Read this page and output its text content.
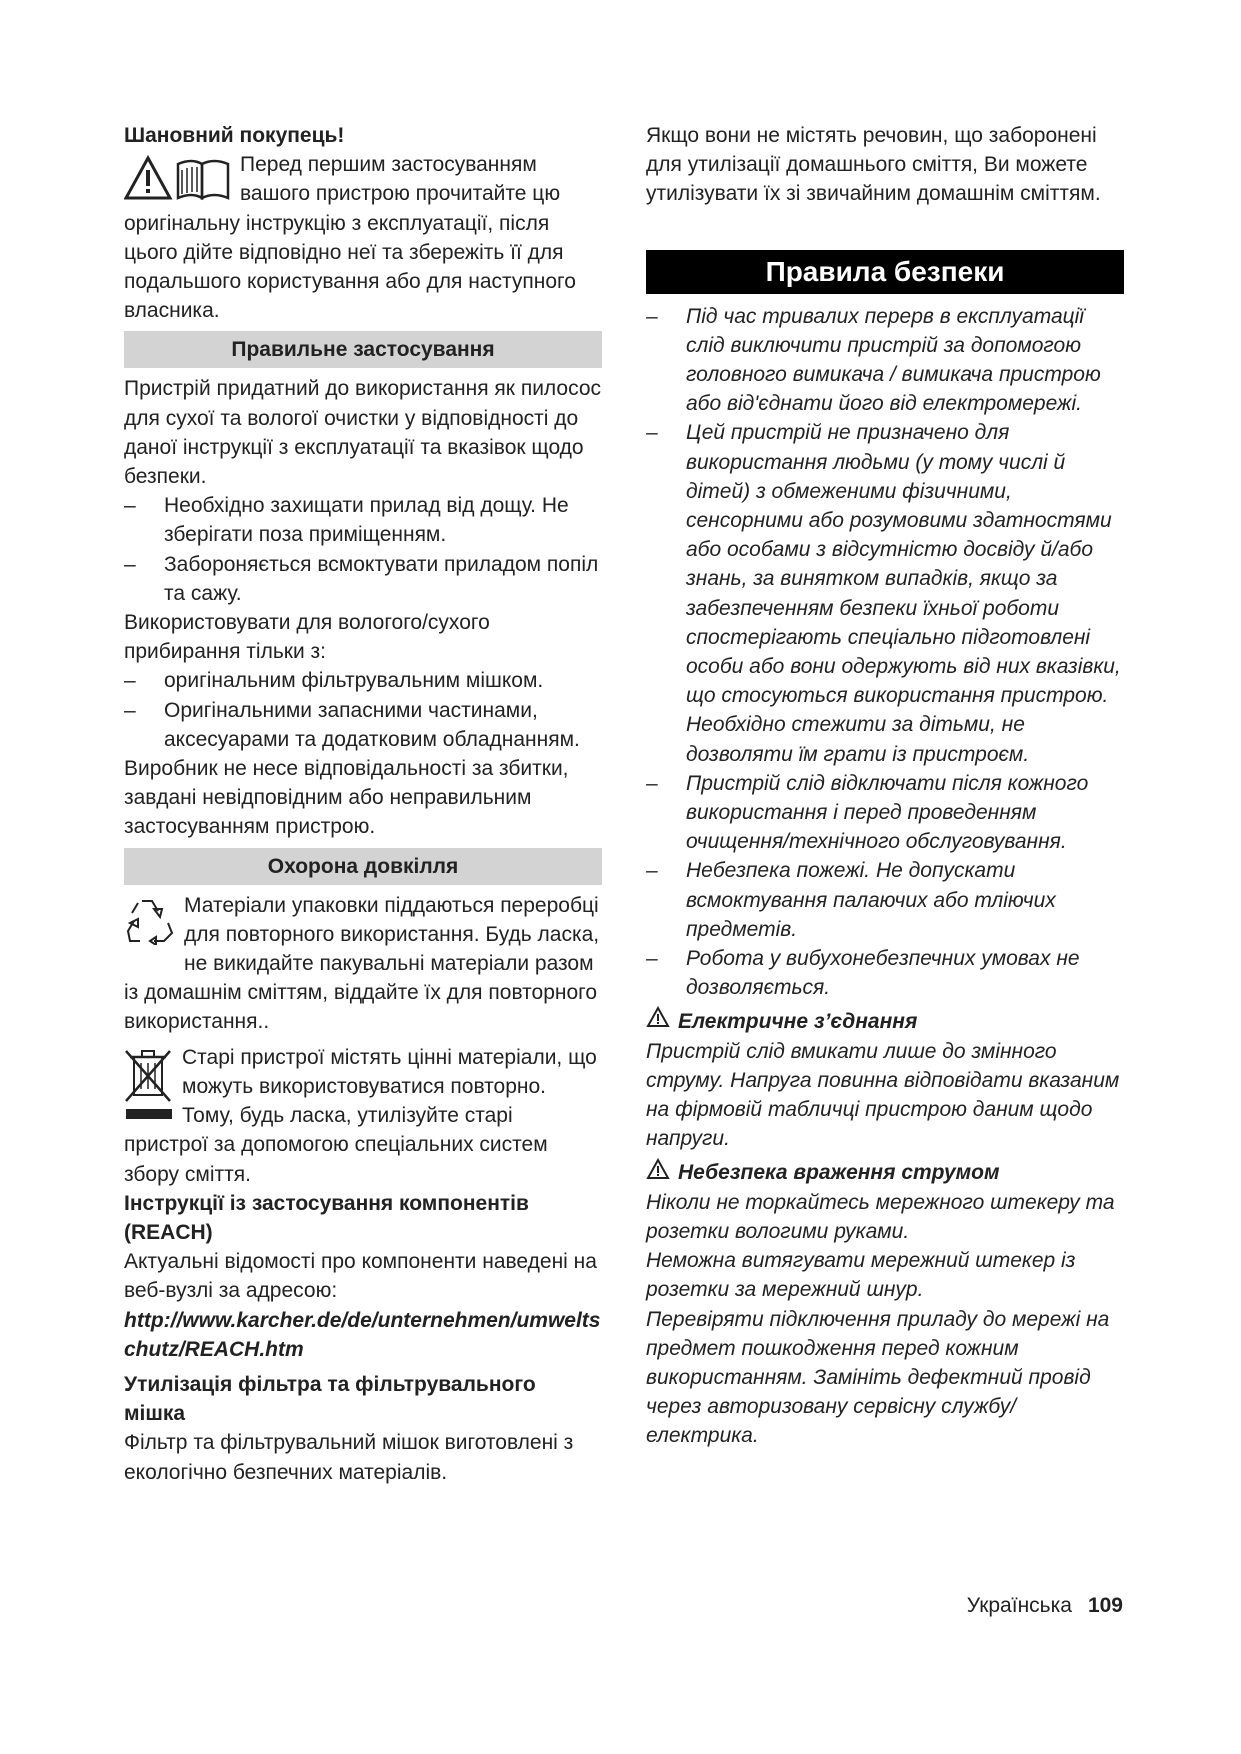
Шановний покупець!

Перед першим застосуванням вашого пристрою прочитайте цю оригінальну інструкцію з експлуатації, після цього дійте відповідно неї та збережіть її для подальшого користування або для наступного власника.

Правильне застосування

Пристрій придатний до використання як пилосос для сухої та вологої очистки у відповідності до даної інструкції з експлуатації та вказівок щодо безпеки.

– Необхідно захищати прилад від дощу. Не зберігати поза приміщенням.
– Забороняється всмоктувати приладом попіл та сажу.

Використовувати для вологого/сухого прибирання тільки з:

– оригінальним фільтрувальним мішком.
– Оригінальними запасними частинами, аксесуарами та додатковим обладнанням.

Виробник не несе відповідальності за збитки, завдані невідповідним або неправильним застосуванням пристрою.

Охорона довкілля

Матеріали упаковки піддаються переробці для повторного використання. Будь ласка, не викидайте пакувальні матеріали разом із домашнім сміттям, віддайте їх для повторного використання..

Старі пристрої містять цінні матеріали, що можуть використовуватися повторно. Тому, будь ласка, утилізуйте старі пристрої за допомогою спеціальних систем збору сміття.

Інструкції із застосування компонентів (REACH)

Актуальні відомості про компоненти наведені на веб-вузлі за адресою:

http://www.karcher.de/de/unternehmen/umweltschutz/REACH.htm

Утилізація фільтра та фільтрувального мішка

Фільтр та фільтрувальний мішок виготовлені з екологічно безпечних матеріалів.

Якщо вони не містять речовин, що заборонені для утилізації домашнього сміття, Ви можете утилізувати їх зі звичайним домашнім сміттям.

Правила безпеки
– Під час тривалих перерв в експлуатації слід виключити пристрій за допомогою головного вимикача / вимикача пристрою або від'єднати його від електромережі.
– Цей пристрій не призначено для використання людьми (у тому числі й дітей) з обмеженими фізичними, сенсорними або розумовими здатностями або особами з відсутністю досвіду й/або знань, за винятком випадків, якщо за забезпеченням безпеки їхньої роботи спостерігають спеціально підготовлені особи або вони одержують від них вказівки, що стосуються використання пристрою. Необхідно стежити за дітьми, не дозволяти їм грати із пристроєм.
– Пристрій слід відключати після кожного використання і перед проведенням очищення/технічного обслуговування.
– Небезпека пожежі. Не допускати всмоктування палаючих або тліючих предметів.
– Робота у вибухонебезпечних умовах не дозволяється.
Електричне з’єднання

Пристрій слід вмикати лише до змінного струму. Напруга повинна відповідати вказаним на фірмовій табличці пристрою даним щодо напруги.

Небезпека враження струмом

Ніколи не торкайтесь мережного штекеру та розетки вологими руками.

Неможна витягувати мережний штекер із розетки за мережний шнур.

Перевіряти підключення приладу до мережі на предмет пошкодження перед кожним використанням. Замініть дефектний провід через авторизовану сервісну службу/електрика.

Українська 109
